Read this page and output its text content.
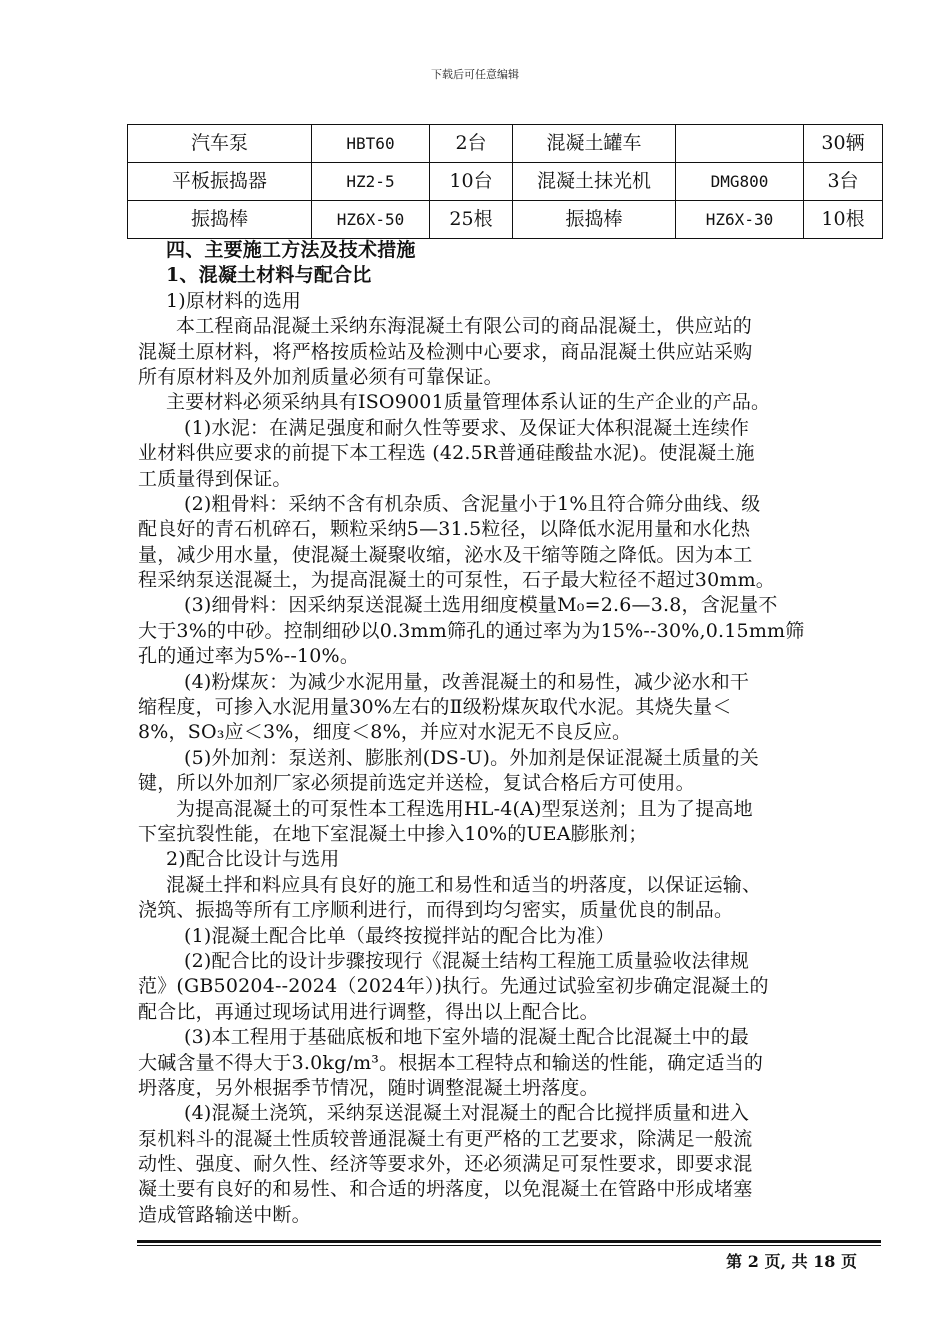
下载后可任意编辑
汽车泵	HBT60	2台	混凝土罐车		30辆
平板振捣器	HZ2-5	10台	混凝土抹光机	DMG800	3台
振捣棒	HZ6X-50	25根	振捣棒	HZ6X-30	10根
四、主要施工方法及技术措施
1、混凝土材料与配合比
1)原材料的选用
本工程商品混凝土采纳东海混凝土有限公司的商品混凝土，供应站的
混凝土原材料，将严格按质检站及检测中心要求，商品混凝土供应站采购
所有原材料及外加剂质量必须有可靠保证。
主要材料必须采纳具有ISO9001质量管理体系认证的生产企业的产品。
(1)水泥：在满足强度和耐久性等要求、及保证大体积混凝土连续作
业材料供应要求的前提下本工程选 (42.5R普通硅酸盐水泥)。使混凝土施
工质量得到保证。
(2)粗骨料：采纳不含有机杂质、含泥量小于1%且符合筛分曲线、级
配良好的青石机碎石，颗粒采纳5—31.5粒径，以降低水泥用量和水化热
量，减少用水量，使混凝土凝聚收缩，泌水及干缩等随之降低。因为本工
程采纳泵送混凝土，为提高混凝土的可泵性，石子最大粒径不超过30mm。
(3)细骨料：因采纳泵送混凝土选用细度模量M₀=2.6—3.8，含泥量不
大于3%的中砂。控制细砂以0.3mm筛孔的通过率为为15%--30%,0.15mm筛
孔的通过率为5%--10%。
(4)粉煤灰：为减少水泥用量，改善混凝土的和易性，减少泌水和干
缩程度，可掺入水泥用量30%左右的Ⅱ级粉煤灰取代水泥。其烧失量＜
8%，SO₃应＜3%，细度＜8%，并应对水泥无不良反应。
(5)外加剂：泵送剂、膨胀剂(DS-U)。外加剂是保证混凝土质量的关
键，所以外加剂厂家必须提前选定并送检，复试合格后方可使用。
为提高混凝土的可泵性本工程选用HL-4(A)型泵送剂；且为了提高地
下室抗裂性能，在地下室混凝土中掺入10%的UEA膨胀剂；
2)配合比设计与选用
混凝土拌和料应具有良好的施工和易性和适当的坍落度，以保证运输、
浇筑、振捣等所有工序顺利进行，而得到均匀密实，质量优良的制品。
(1)混凝土配合比单（最终按搅拌站的配合比为准）
(2)配合比的设计步骤按现行《混凝土结构工程施工质量验收法律规
范》(GB50204--2024（2024年）)执行。先通过试验室初步确定混凝土的
配合比，再通过现场试用进行调整，得出以上配合比。
(3)本工程用于基础底板和地下室外墙的混凝土配合比混凝土中的最
大碱含量不得大于3.0kg/m³。根据本工程特点和输送的性能，确定适当的
坍落度，另外根据季节情况，随时调整混凝土坍落度。
(4)混凝土浇筑，采纳泵送混凝土对混凝土的配合比搅拌质量和进入
泵机料斗的混凝土性质较普通混凝土有更严格的工艺要求，除满足一般流
动性、强度、耐久性、经济等要求外，还必须满足可泵性要求，即要求混
凝土要有良好的和易性、和合适的坍落度，以免混凝土在管路中形成堵塞
造成管路输送中断。
第 2 页, 共 18 页
